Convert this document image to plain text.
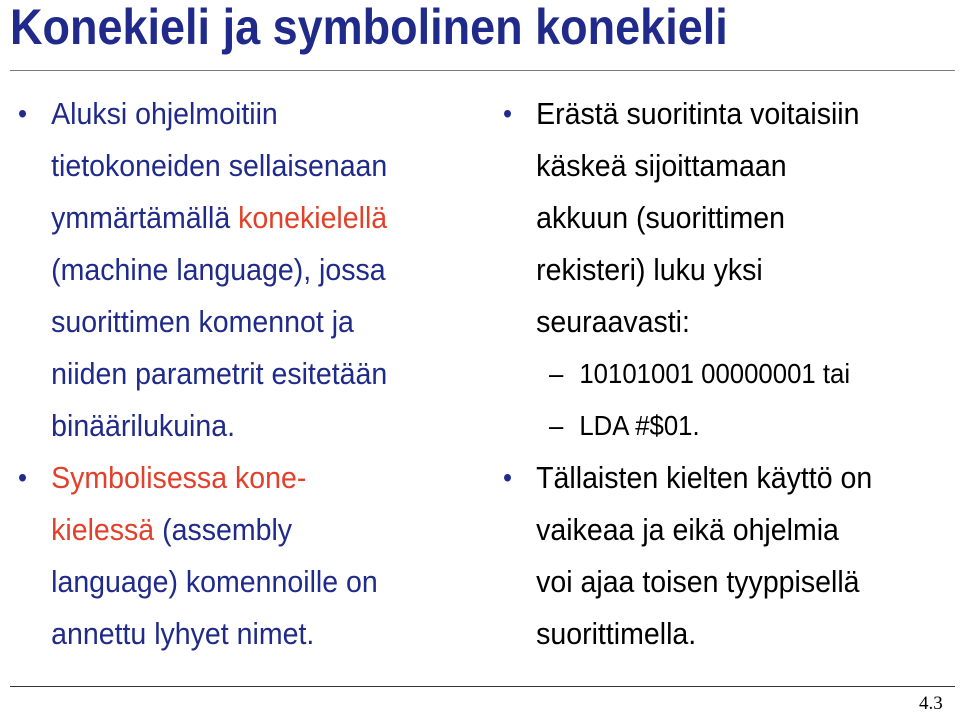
Konekieli ja symbolinen konekieli
• Aluksi ohjelmoitiin
tietokoneiden sellaisenaan
ymmärtämällä konekielellä
(machine language), jossa
suorittimen komennot ja
niiden parametrit esitetään
binäärilukuina.
• Symbolisessa kone-
kielessä (assembly
language) komennoille on
annettu lyhyet nimet.
• Erästä suoritinta voitaisiin
käskeä sijoittamaan
akkuun (suorittimen
rekisteri) luku yksi
seuraavasti:
– 10101001 00000001 tai
– LDA #$01.
• Tällaisten kielten käyttö on
vaikeaa ja eikä ohjelmia
voi ajaa toisen tyyppisellä
suorittimella.
4.3
